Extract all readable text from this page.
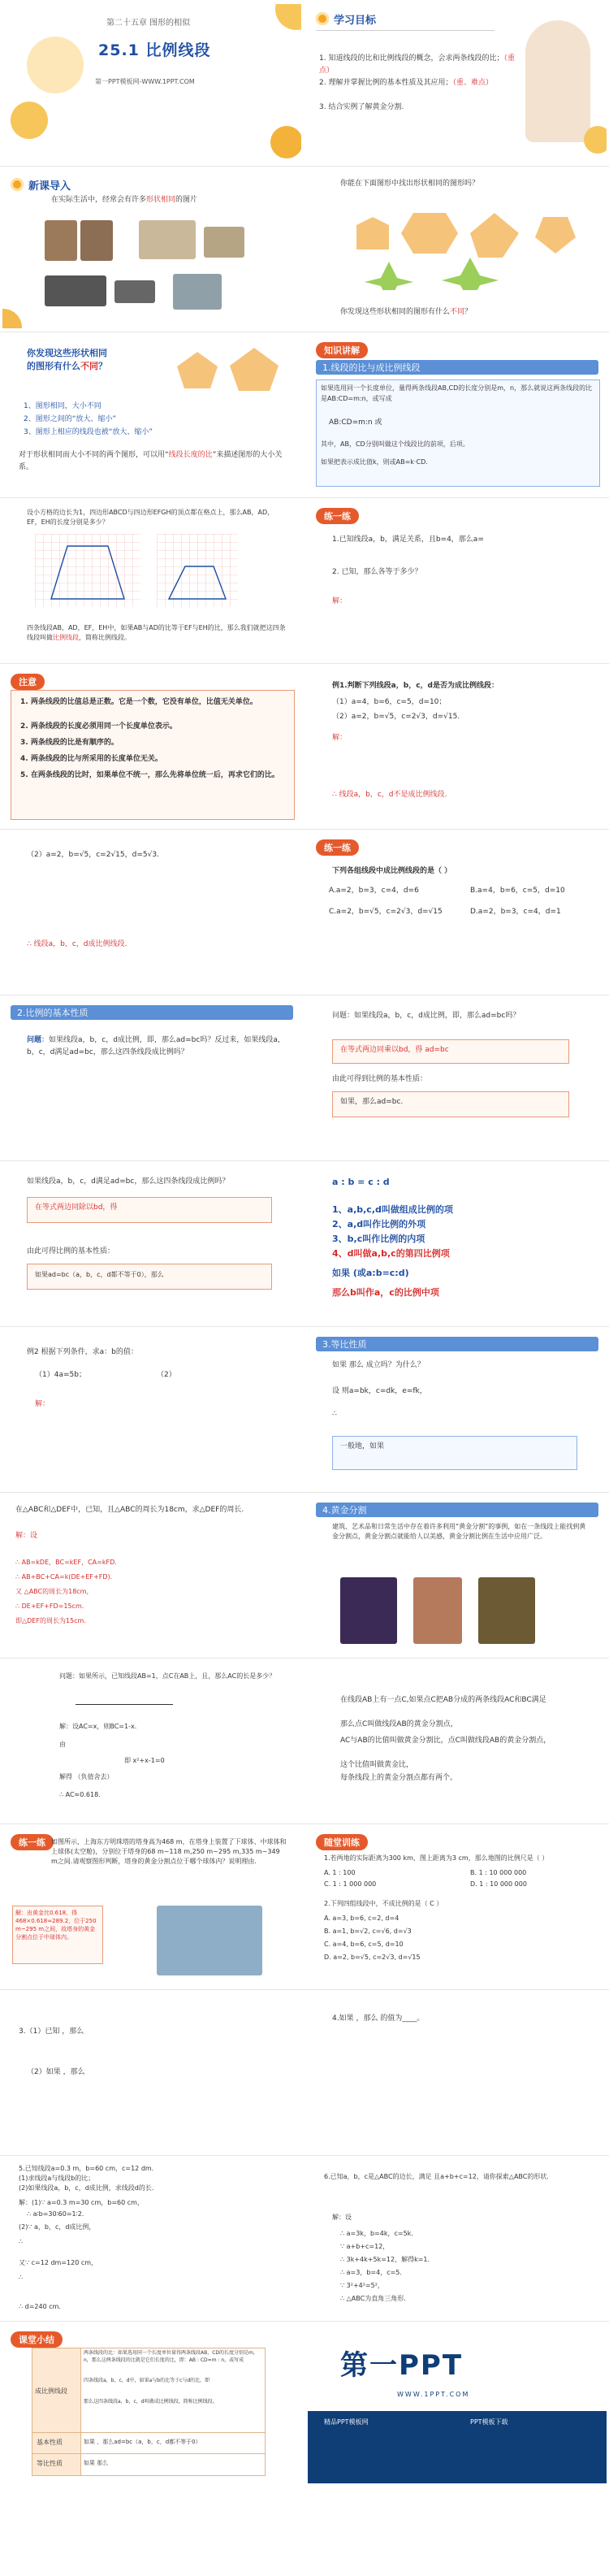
第二十五章 图形的相似
25.1 比例线段
第一PPT模板网-WWW.1PPT.COM
学习目标
1. 知道线段的比和比例线段的概念，会求两条线段的比；（重点）
2. 理解并掌握比例的基本性质及其应用；（重、难点）
3. 结合实例了解黄金分割.
新课导入
在实际生活中，经常会有许多形状相同的图片
你能在下面图形中找出形状相同的图形吗？
你发现这些形状相同的图形有什么不同？
你发现这些形状相同
的图形有什么不同？
1、图形相同，大小不同
2、图形之间的“放大、缩小”
3、图形上相应的线段也被“放大、缩小”
对于形状相同而大小不同的两个图形，可以用“线段长度的比”来描述图形的大小关系。
知识讲解
1.线段的比与成比例线段
如果选用同一个长度单位，量得两条线段AB,CD的长度分别是m，n，那么就说这两条线段的比是AB:CD=m:n，或写成
AB:CD=m:n 或
其中，AB，CD分别叫做这个线段比的前项，后项。
如果把表示成比值k，则或AB=k·CD.
设小方格的边长为1，四边形ABCD与四边形EFGH的顶点都在格点上，那么AB，AD，EF，EH的长度分别是多少？
四条线段AB，AD，EF，EH中，如果AB与AD的比等于EF与EH的比，那么我们就把这四条线段叫做比例线段，简称比例线段。
练一练
1.已知线段a，b，满足关系，且b=4，那么a=
2. 已知，那么各等于多少？
解：
注意
1. 两条线段的比值总是正数。它是一个数，它没有单位，比值无关单位。
2. 两条线段的长度必须用同一个长度单位表示。
3. 两条线段的比是有顺序的。
4. 两条线段的比与所采用的长度单位无关。
5. 在两条线段的比时，如果单位不统一，那么先将单位统一后，再求它们的比。
例1.判断下列线段a，b，c，d是否为成比例线段：
（1）a=4，b=6，c=5，d=10；
（2）a=2，b=√5，c=2√3，d=√15.
解：
∴ 线段a，b，c，d不是成比例线段.
（2）a=2，b=√5，c=2√15，d=5√3.
∴ 线段a，b，c，d成比例线段.
练一练
下列各组线段中成比例线段的是（ ）
A.a=2，b=3，c=4，d=6	B.a=4，b=6，c=5，d=10
C.a=2，b=√5，c=2√3，d=√15	D.a=2，b=3，c=4，d=1
2.比例的基本性质
问题：如果线段a，b，c，d成比例，即，那么ad=bc吗？反过来，如果线段a，b，c，d满足ad=bc，那么这四条线段成比例吗？
问题：如果线段a，b，c，d成比例，即，那么ad=bc吗？
在等式两边同乘以bd，得 ad=bc
由此可得到比例的基本性质：
如果，那么ad=bc.
如果线段a，b，c，d满足ad=bc，那么这四条线段成比例吗？
在等式两边同除以bd，得
由此可得比例的基本性质：
如果ad=bc（a，b，c，d都不等于0），那么
a : b = c : d
1、a,b,c,d叫做组成比例的项
2、a,d叫作比例的外项
3、b,c叫作比例的内项
4、d叫做a,b,c的第四比例项
如果 (或a:b=c:d)
那么b叫作a，c的比例中项
例2 根据下列条件，求a：b的值：
（1）4a=5b；	（2）
解：
3.等比性质
如果 那么 成立吗？为什么？
设 则a=bk，c=dk，e=fk，
∴
一般地，如果
在△ABC和△DEF中，已知，且△ABC的周长为18cm，求△DEF的周长.
解：设
∴ AB=kDE，BC=kEF，CA=kFD.
∴ AB+BC+CA=k(DE+EF+FD).
又 △ABC的周长为18cm，
∴ DE+EF+FD=15cm.
即△DEF的周长为15cm.
4.黄金分割
建筑、艺术品和日常生活中存在着许多利用“黄金分割”的事例，如在一条线段上能找到黄金分割点，黄金分割点就能给人以美感，黄金分割比例在生活中应用广泛。
问题：如果所示，已知线段AB=1，点C在AB上，且，那么AC的长是多少？
解：设AC=x，则BC=1-x.
由
即 x²+x-1=0
解得 （负值舍去）
∴ AC≈0.618.
在线段AB上有一点C,如果点C把AB分成的两条线段AC和BC满足
那么点C叫做线段AB的黄金分割点，
AC与AB的比值叫做黄金分割比，点C叫做线段AB的黄金分割点，
这个比值叫做黄金比，
每条线段上的黄金分割点都有两个。
练一练 如图所示，上海东方明珠塔的塔身高为468 m，在塔身上装置了下球体、中球体和上球体(太空舱)，分别位于塔身的68 m~118 m,250 m~295 m,335 m~349 m之间.请观察图形判断，塔身的黄金分割点位于哪个球体内？说明理由.
解：由黄金比0.618，得468×0.618≈289.2，位于250 m~295 m之间，故塔身的黄金分割点位于中球体内。
随堂训练
1.若两地的实际距离为300 km，图上距离为3 cm，那么地图的比例尺是（ ）
A. 1 : 100	B. 1 : 10 000 000
C. 1 : 1 000 000	D. 1 : 10 000 000
2.下列四组线段中，不成比例的是（ C ）
A. a=3, b=6, c=2, d=4
B. a=1, b=√2, c=√6, d=√3
C. a=4, b=6, c=5, d=10
D. a=2, b=√5, c=2√3, d=√15
3.（1）已知 ，那么
（2）如果 ，那么
4.如果 ，那么 的值为____。
5.已知线段a=0.3 m，b=60 cm，c=12 dm.
(1)求线段a与线段b的比；
(2)如果线段a，b，c，d成比例，求线段d的长.
解：(1)∵ a=0.3 m=30 cm，b=60 cm，
∴ a∶b=30∶60=1∶2.
(2)∵ a，b，c，d成比例，
∴
又∵ c=12 dm=120 cm，
∴
∴ d=240 cm.
6.已知a，b，c是△ABC的边长，满足 且a+b+c=12，请你探索△ABC的形状.
解：设
∴ a=3k，b=4k，c=5k.
∵ a+b+c=12，
∴ 3k+4k+5k=12，解得k=1.
∴ a=3，b=4，c=5.
∵ 3²+4²=5²，
∴ △ABC为直角三角形.
课堂小结
成比例线段
两条线段的比：如果选用同一个长度单位量得两条线段AB，CD的长度分别是m，n，那么这两条线段的比就是它们长度的比，即：AB : CD=m : n，或写成
四条线段a，b，c，d中，如果a与b的比等于c与d的比，即
那么这四条线段a，b，c，d叫做成比例线段，简称比例线段。
基本性质	如果 ，那么ad=bc（a，b，c，d都不等于0）
等比性质	如果 那么
第一PPT
WWW.1PPT.COM
精品PPT模板网	PPT模板下载
